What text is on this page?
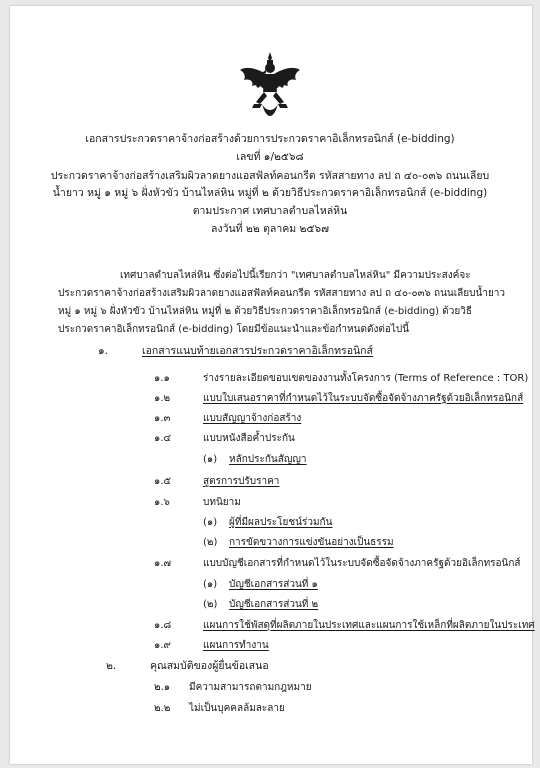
เอกสารประกวดราคาจ้างก่อสร้างด้วยการประกวดราคาอิเล็กทรอนิกส์ (e-bidding)
เลขที่ ๑/๒๕๖๘
ประกวดราคาจ้างก่อสร้างเสริมผิวลาดยางแอสฟัลท์คอนกรีต รหัสสายทาง ลป ถ ๔๐-๐๓๖ ถนนเลียบ
น้ำยาว หมู่ ๑ หมู่ ๖ ฝั่งหัวขัว บ้านไหล่หิน หมู่ที่ ๒ ด้วยวิธีประกวดราคาอิเล็กทรอนิกส์ (e-bidding)
ตามประกาศ เทศบาลตำบลไหล่หิน
ลงวันที่ ๒๒ ตุลาคม ๒๕๖๗
เทศบาลตำบลไหล่หิน ซึ่งต่อไปนี้เรียกว่า "เทศบาลตำบลไหล่หิน" มีความประสงค์จะ
ประกวดราคาจ้างก่อสร้างเสริมผิวลาดยางแอสฟัลท์คอนกรีต รหัสสายทาง ลป ถ ๔๐-๐๓๖ ถนนเลียบน้ำยาว
หมู่ ๑ หมู่ ๖ ฝั่งหัวขัว บ้านไหล่หิน หมู่ที่ ๒ ด้วยวิธีประกวดราคาอิเล็กทรอนิกส์ (e-bidding) ด้วยวิธี
ประกวดราคาอิเล็กทรอนิกส์ (e-bidding) โดยมีข้อแนะนำและข้อกำหนดดังต่อไปนี้
๑.	เอกสารแนบท้ายเอกสารประกวดราคาอิเล็กทรอนิกส์
๑.๑	ร่างรายละเอียดขอบเขตของงานทั้งโครงการ (Terms of Reference : TOR)
๑.๒	แบบใบเสนอราคาที่กำหนดไว้ในระบบจัดซื้อจัดจ้างภาครัฐด้วยอิเล็กทรอนิกส์
๑.๓	แบบสัญญาจ้างก่อสร้าง
๑.๔	แบบหนังสือค้ำประกัน
(๑) หลักประกันสัญญา
๑.๕	สูตรการปรับราคา
๑.๖	บทนิยาม
(๑) ผู้ที่มีผลประโยชน์ร่วมกัน
(๒) การขัดขวางการแข่งขันอย่างเป็นธรรม
๑.๗	แบบบัญชีเอกสารที่กำหนดไว้ในระบบจัดซื้อจัดจ้างภาครัฐด้วยอิเล็กทรอนิกส์
(๑) บัญชีเอกสารส่วนที่ ๑
(๒) บัญชีเอกสารส่วนที่ ๒
๑.๘	แผนการใช้พัสดุที่ผลิตภายในประเทศและแผนการใช้เหล็กที่ผลิตภายในประเทศ
๑.๙	แผนการทำงาน
๒.	คุณสมบัติของผู้ยื่นข้อเสนอ
๒.๑ มีความสามารถตามกฎหมาย
๒.๒ ไม่เป็นบุคคลล้มละลาย
